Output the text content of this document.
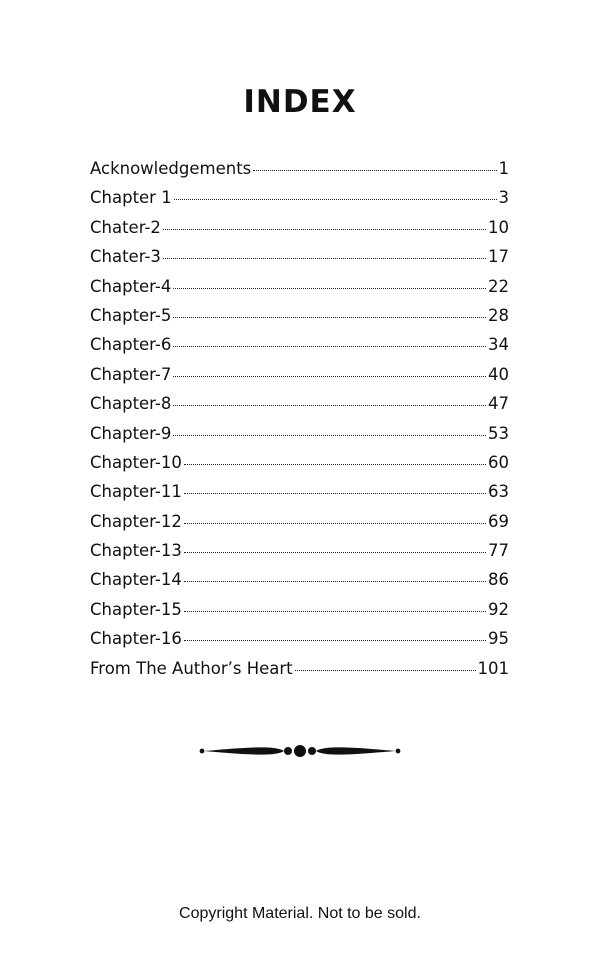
INDEX
Acknowledgements	1
Chapter 1	3
Chater-2	10
Chater-3	17
Chapter-4	22
Chapter-5	28
Chapter-6	34
Chapter-7	40
Chapter-8	47
Chapter-9	53
Chapter-10	60
Chapter-11	63
Chapter-12	69
Chapter-13	77
Chapter-14	86
Chapter-15	92
Chapter-16	95
From The Author’s Heart	101
Copyright Material. Not to be sold.
